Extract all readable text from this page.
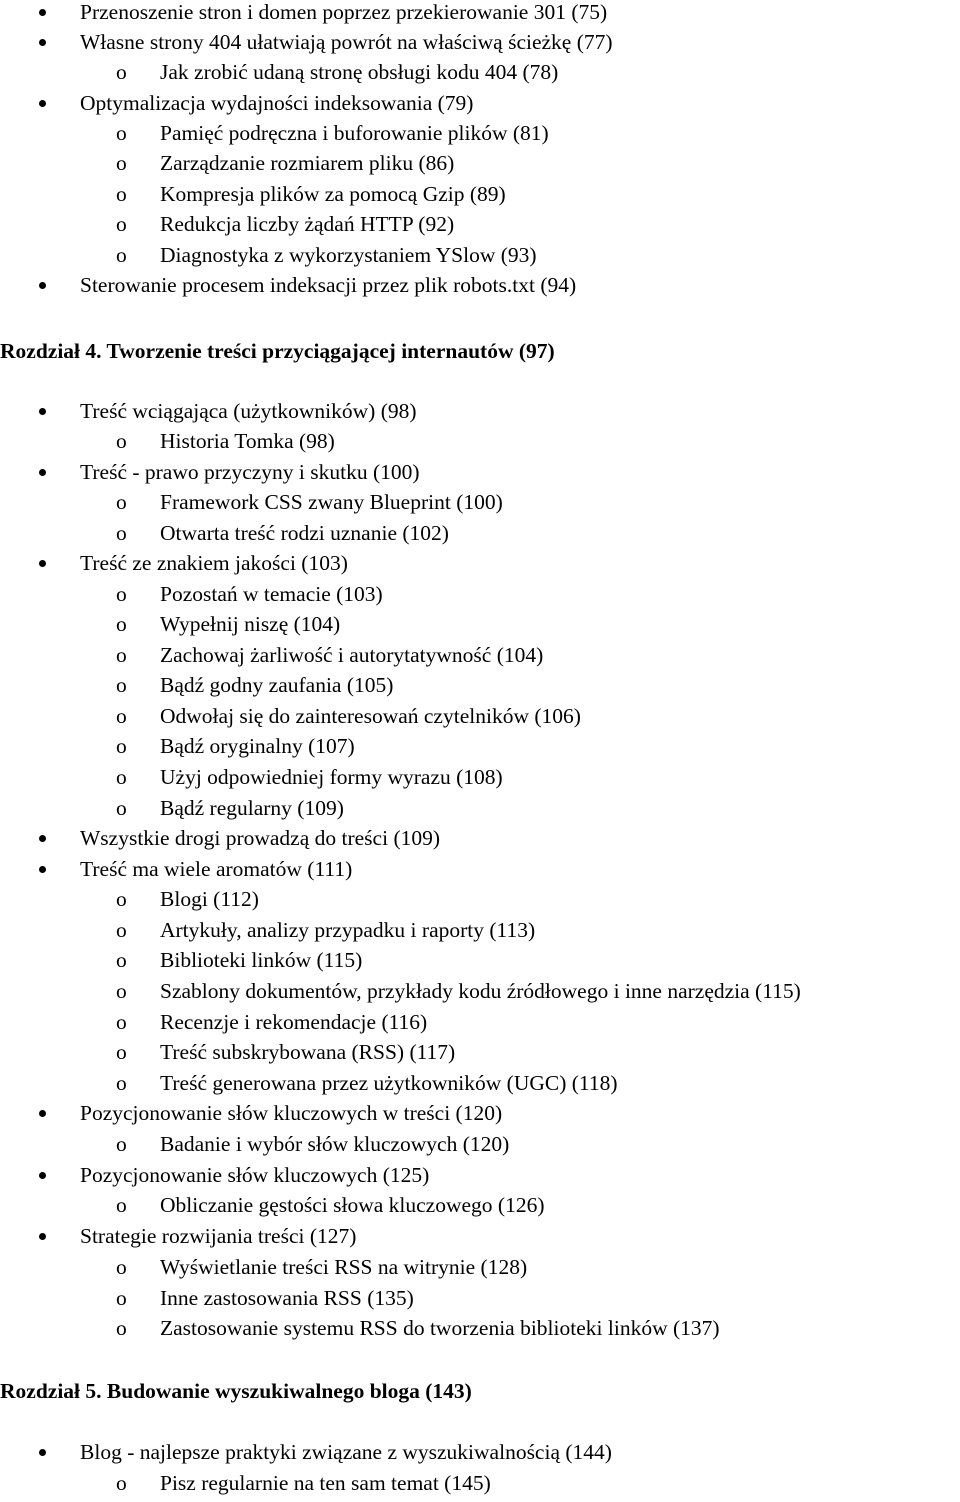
Przenoszenie stron i domen poprzez przekierowanie 301 (75)
Własne strony 404 ułatwiają powrót na właściwą ścieżkę (77)
o Jak zrobić udaną stronę obsługi kodu 404 (78)
Optymalizacja wydajności indeksowania (79)
o Pamięć podręczna i buforowanie plików (81)
o Zarządzanie rozmiarem pliku (86)
o Kompresja plików za pomocą Gzip (89)
o Redukcja liczby żądań HTTP (92)
o Diagnostyka z wykorzystaniem YSlow (93)
Sterowanie procesem indeksacji przez plik robots.txt (94)
Rozdział 4. Tworzenie treści przyciągającej internautów (97)
Treść wciągająca (użytkowników) (98)
o Historia Tomka (98)
Treść - prawo przyczyny i skutku (100)
o Framework CSS zwany Blueprint (100)
o Otwarta treść rodzi uznanie (102)
Treść ze znakiem jakości (103)
o Pozostań w temacie (103)
o Wypełnij niszę (104)
o Zachowaj żarliwość i autorytatywność (104)
o Bądź godny zaufania (105)
o Odwołaj się do zainteresowań czytelników (106)
o Bądź oryginalny (107)
o Użyj odpowiedniej formy wyrazu (108)
o Bądź regularny (109)
Wszystkie drogi prowadzą do treści (109)
Treść ma wiele aromatów (111)
o Blogi (112)
o Artykuły, analizy przypadku i raporty (113)
o Biblioteki linków (115)
o Szablony dokumentów, przykłady kodu źródłowego i inne narzędzia (115)
o Recenzje i rekomendacje (116)
o Treść subskrybowana (RSS) (117)
o Treść generowana przez użytkowników (UGC) (118)
Pozycjonowanie słów kluczowych w treści (120)
o Badanie i wybór słów kluczowych (120)
Pozycjonowanie słów kluczowych (125)
o Obliczanie gęstości słowa kluczowego (126)
Strategie rozwijania treści (127)
o Wyświetlanie treści RSS na witrynie (128)
o Inne zastosowania RSS (135)
o Zastosowanie systemu RSS do tworzenia biblioteki linków (137)
Rozdział 5. Budowanie wyszukiwalnego bloga (143)
Blog - najlepsze praktyki związane z wyszukiwalnością (144)
o Pisz regularnie na ten sam temat (145)
